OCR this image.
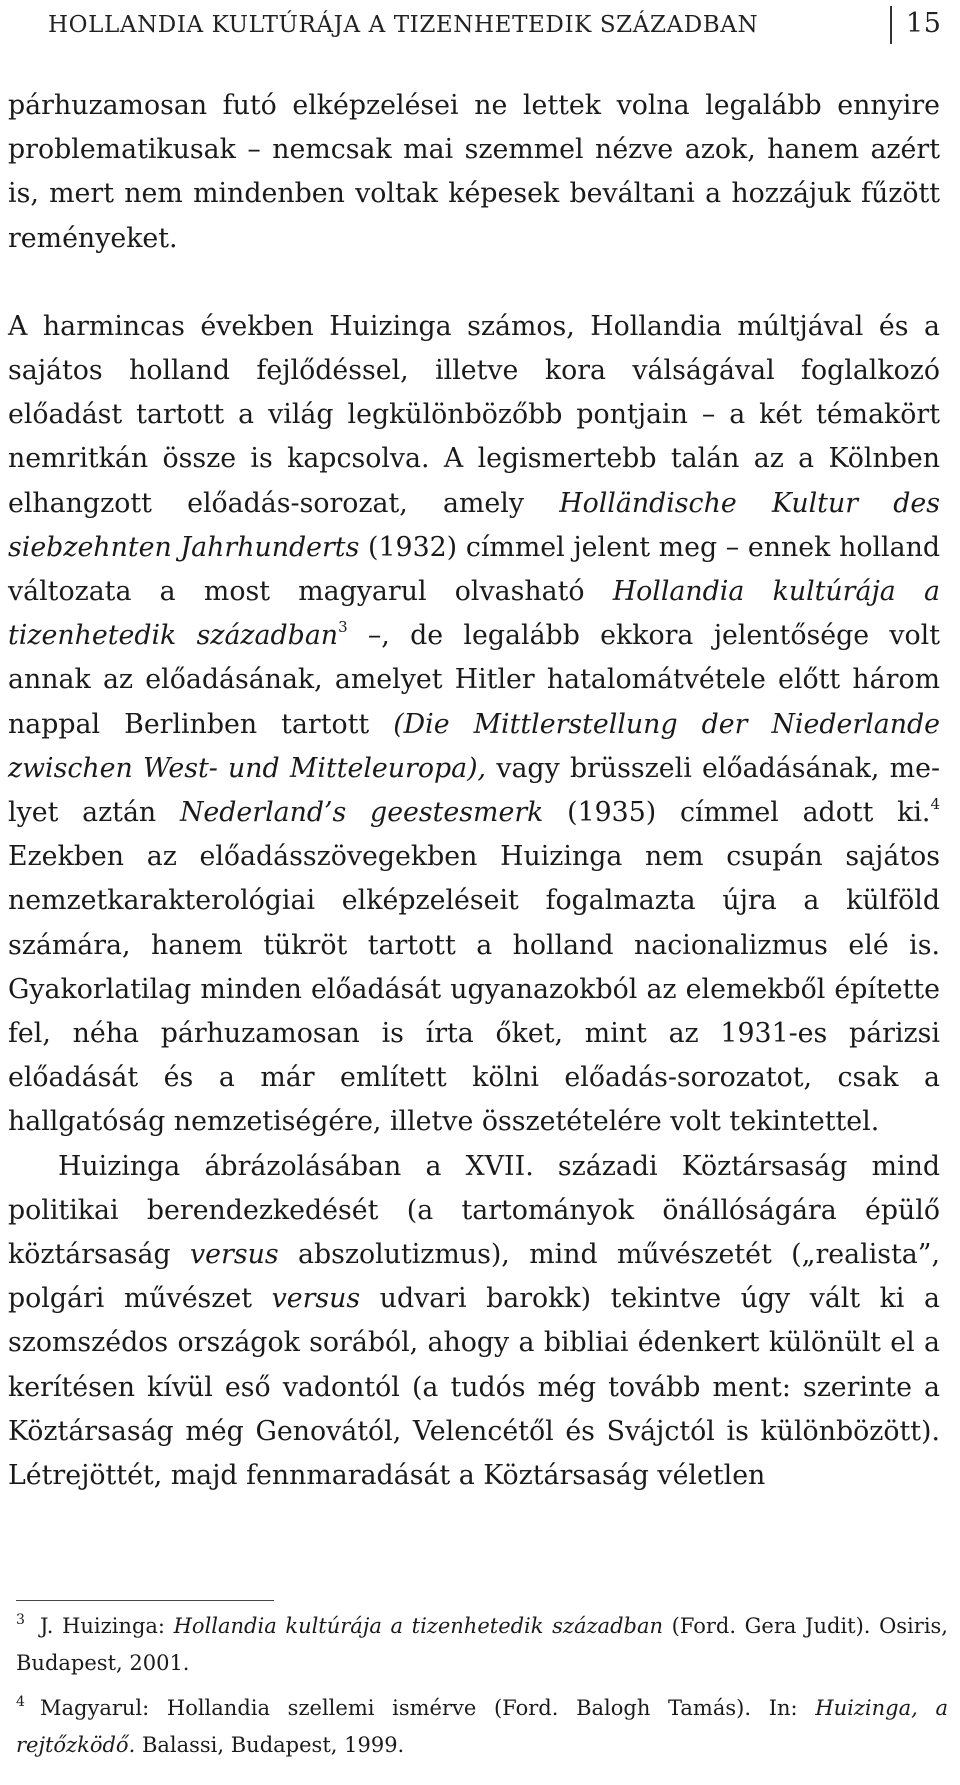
HOLLANDIA KULTÚRÁJA A TIZENHETEDIK SZÁZADBAN	15

párhuzamosan futó elképzelései ne lettek volna legalább ennyire problematikusak – nemcsak mai szemmel nézve azok, hanem azért is, mert nem mindenben voltak képesek beváltani a hozzájuk fűzött reményeket.

A harmincas években Huizinga számos, Hollandia múltjával és a sajátos holland fejlődéssel, illetve kora válságával foglalkozó előadást tartott a világ legkülönbözőbb pontjain – a két témakört nemritkán össze is kapcsolva. A legismertebb talán az a Kölnben elhangzott előadás-sorozat, amely Holländische Kultur des siebzehnten Jahrhunderts (1932) címmel jelent meg – ennek holland változata a most magyarul olvasható Hollandia kultúrája a tizenhetedik században$^3$ –, de legalább ekkora jelentősége volt annak az előadásának, amelyet Hitler hatalomátvétele előtt három nappal Berlinben tartott (Die Mittlerstellung der Niederlande zwischen West- und Mitteleuropa), vagy brüsszeli előadásának, melyet aztán Nederland’s geestesmerk (1935) címmel adott ki.$^4$ Ezekben az előadásszövegekben Huizinga nem csupán sajátos nemzetkarakterológiai elképzeléseit fogalmazta újra a külföld számára, hanem tükröt tartott a holland nacionalizmus elé is. Gyakorlatilag minden előadását ugyanazokból az elemekből építette fel, néha párhuzamosan is írta őket, mint az 1931-es párizsi előadását és a már említett kölni előadás-sorozatot, csak a hallgatóság nemzetiségére, illetve összetételére volt tekintettel.

Huizinga ábrázolásában a XVII. századi Köztársaság mind politikai berendezkedését (a tartományok önállóságára épülő köztársaság versus abszolutizmus), mind művészetét („realista”, polgári művészet versus udvari barokk) tekintve úgy vált ki a szomszédos országok sorából, ahogy a bibliai édenkert különült el a kerítésen kívül eső vadontól (a tudós még tovább ment: szerinte a Köztársaság még Genovától, Velencétől és Svájctól is különbözött). Létrejöttét, majd fennmaradását a Köztársaság véletlen

3 J. Huizinga: Hollandia kultúrája a tizenhetedik században (Ford. Gera Judit). Osiris, Budapest, 2001.

4 Magyarul: Hollandia szellemi ismérve (Ford. Balogh Tamás). In: Huizinga, a rejtőzködő. Balassi, Budapest, 1999.
